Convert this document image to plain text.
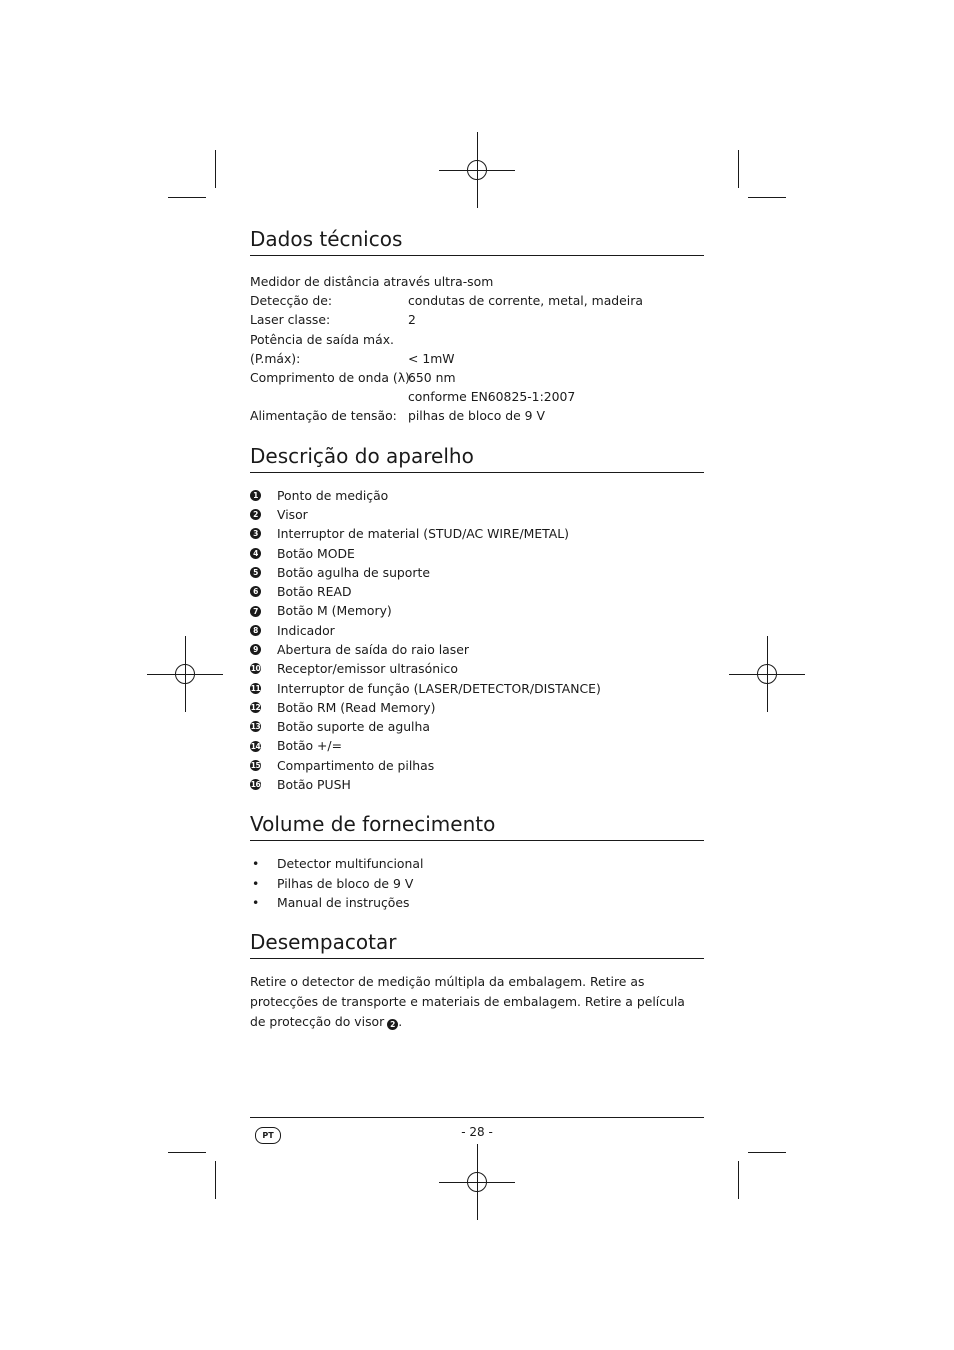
Dados técnicos
Medidor de distância através ultra-som
Detecção de:	condutas de corrente, metal, madeira
Laser classe:	2
Potência de saída máx.
(P.máx):	< 1mW
Comprimento de onda (λ):
650 nm
conforme EN60825-1:2007
Alimentação de tensão: pilhas de bloco de 9 V
Descrição do aparelho
1 Ponto de medição
2 Visor
3 Interruptor de material (STUD/AC WIRE/METAL)
4 Botão MODE
5 Botão agulha de suporte
6 Botão READ
7 Botão M (Memory)
8 Indicador
9 Abertura de saída do raio laser
10 Receptor/emissor ultrasónico
11 Interruptor de função (LASER/DETECTOR/DISTANCE)
12 Botão RM (Read Memory)
13 Botão suporte de agulha
14 Botão +/=
15 Compartimento de pilhas
16 Botão PUSH
Volume de fornecimento
•	Detector multifuncional
•	Pilhas de bloco de 9 V
•	Manual de instruções
Desempacotar
Retire o detector de medição múltipla da embalagem. Retire as protecções de transporte e materiais de embalagem. Retire a película de protecção do visor 2 .
PT	- 28 -
